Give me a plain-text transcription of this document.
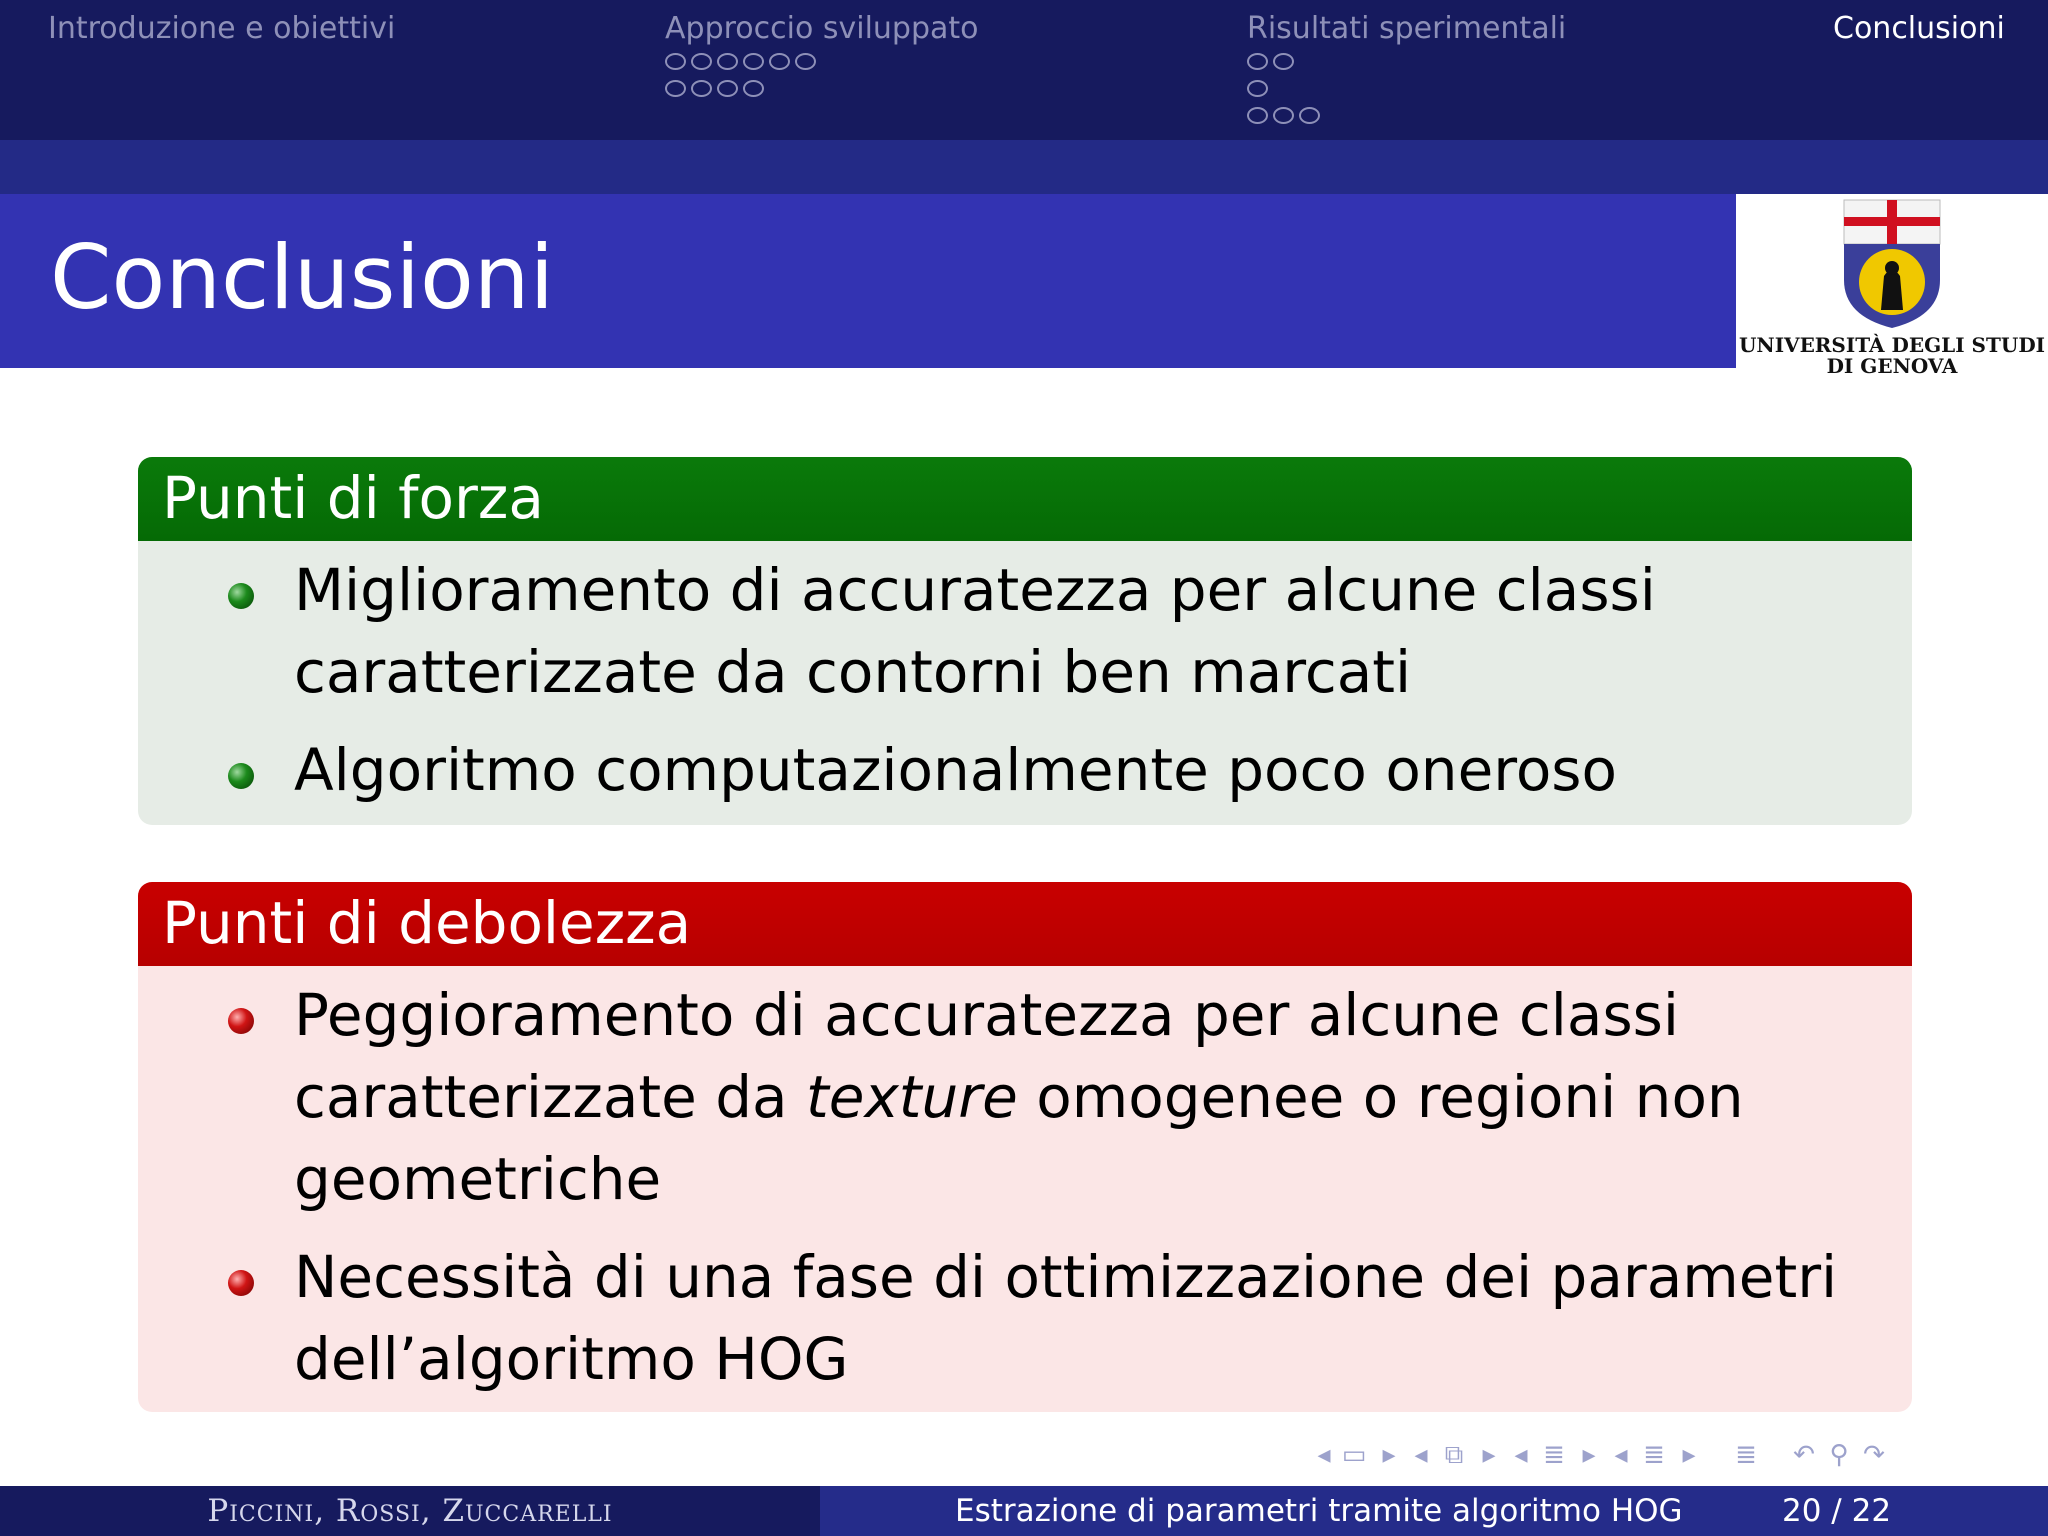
Introduzione e obiettivi	Approccio sviluppato	Risultati sperimentali	Conclusioni
Conclusioni
UNIVERSITÀ DEGLI STUDI
DI GENOVA
Punti di forza
Miglioramento di accuratezza per alcune classi
caratterizzate da contorni ben marcati
Algoritmo computazionalmente poco oneroso
Punti di debolezza
Peggioramento di accuratezza per alcune classi
caratterizzate da texture omogenee o regioni non
geometriche
Necessità di una fase di ottimizzazione dei parametri
dell’algoritmo HOG
◂ ▭ ▸ ◂ ⧉ ▸ ◂ ≣ ▸ ◂ ≣ ▸	≣	↶ ⚲ ↷
Piccini, Rossi, Zuccarelli	Estrazione di parametri tramite algoritmo HOG	20 / 22
